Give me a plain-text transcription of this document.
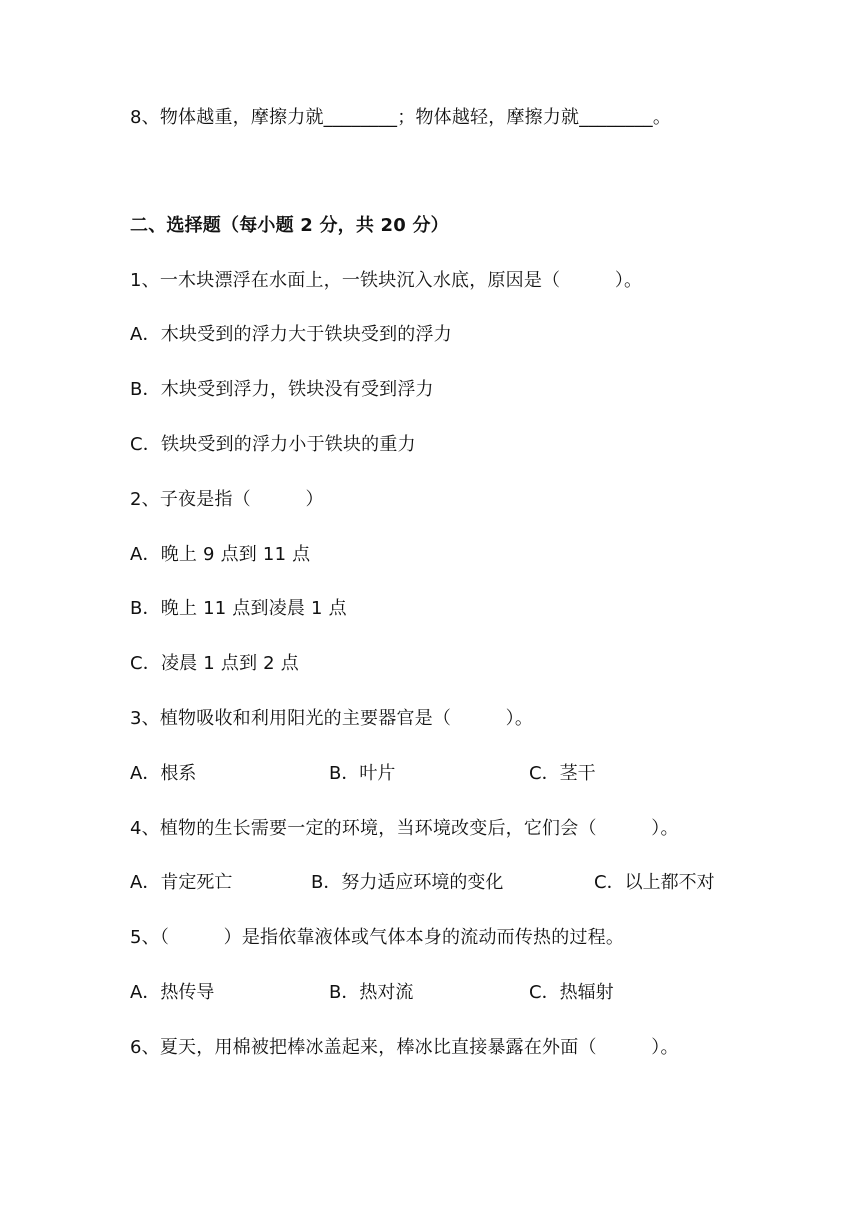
8、物体越重，摩擦力就________；物体越轻，摩擦力就________。
二、选择题（每小题 2 分，共 20 分）
1、一木块漂浮在水面上，一铁块沉入水底，原因是（　　　）。
A．木块受到的浮力大于铁块受到的浮力
B．木块受到浮力，铁块没有受到浮力
C．铁块受到的浮力小于铁块的重力
2、子夜是指（　　　）
A．晚上 9 点到 11 点
B．晚上 11 点到凌晨 1 点
C．凌晨 1 点到 2 点
3、植物吸收和利用阳光的主要器官是（　　　）。
A．根系	B．叶片	C．茎干
4、植物的生长需要一定的环境，当环境改变后，它们会（　　　）。
A．肯定死亡	B．努力适应环境的变化	C．以上都不对
5、（　　　）是指依靠液体或气体本身的流动而传热的过程。
A．热传导	B．热对流	C．热辐射
6、夏天，用棉被把棒冰盖起来，棒冰比直接暴露在外面（　　　）。
